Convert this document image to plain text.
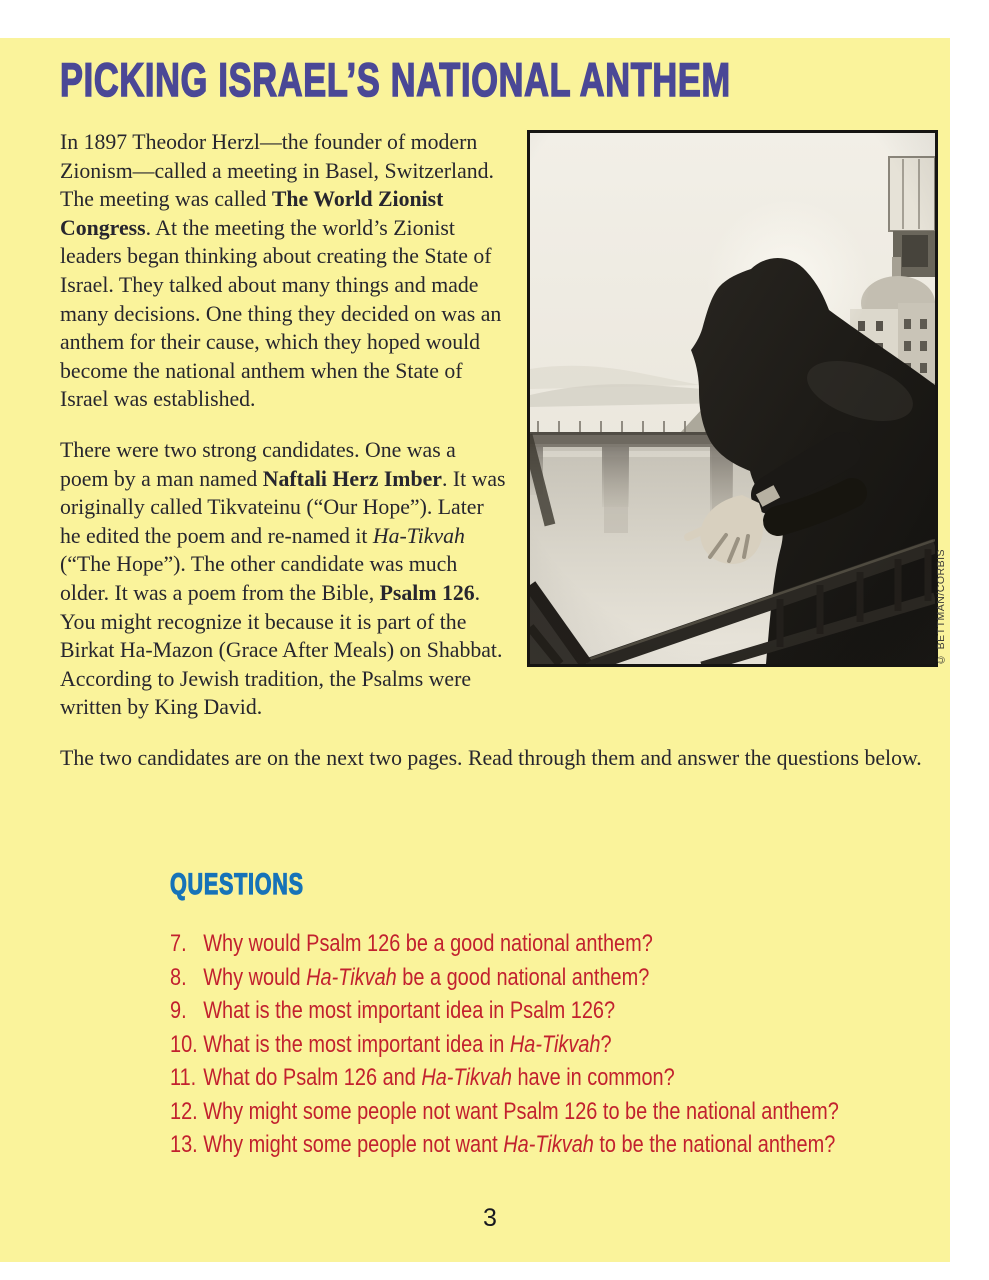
PICKING ISRAEL’S NATIONAL ANTHEM
© BETTMAN/CORBIS

In 1897 Theodor Herzl—the founder of modern Zionism—called a meeting in Basel, Switzerland. The meeting was called The World Zionist Congress. At the meeting the world’s Zionist leaders began thinking about creating the State of Israel. They talked about many things and made many decisions. One thing they decided on was an anthem for their cause, which they hoped would become the national anthem when the State of Israel was established.

There were two strong candidates. One was a poem by a man named Naftali Herz Imber. It was originally called Tikvateinu (“Our Hope”). Later he edited the poem and re-named it Ha-Tikvah (“The Hope”). The other candidate was much older. It was a poem from the Bible, Psalm 126. You might recognize it because it is part of the Birkat Ha-Mazon (Grace After Meals) on Shabbat. According to Jewish tradition, the Psalms were written by King David.

The two candidates are on the next two pages. Read through them and answer the questions below.

QUESTIONS
7. Why would Psalm 126 be a good national anthem?
8. Why would Ha-Tikvah be a good national anthem?
9. What is the most important idea in Psalm 126?
10. What is the most important idea in Ha-Tikvah?
11. What do Psalm 126 and Ha-Tikvah have in common?
12. Why might some people not want Psalm 126 to be the national anthem?
13. Why might some people not want Ha-Tikvah to be the national anthem?
3
